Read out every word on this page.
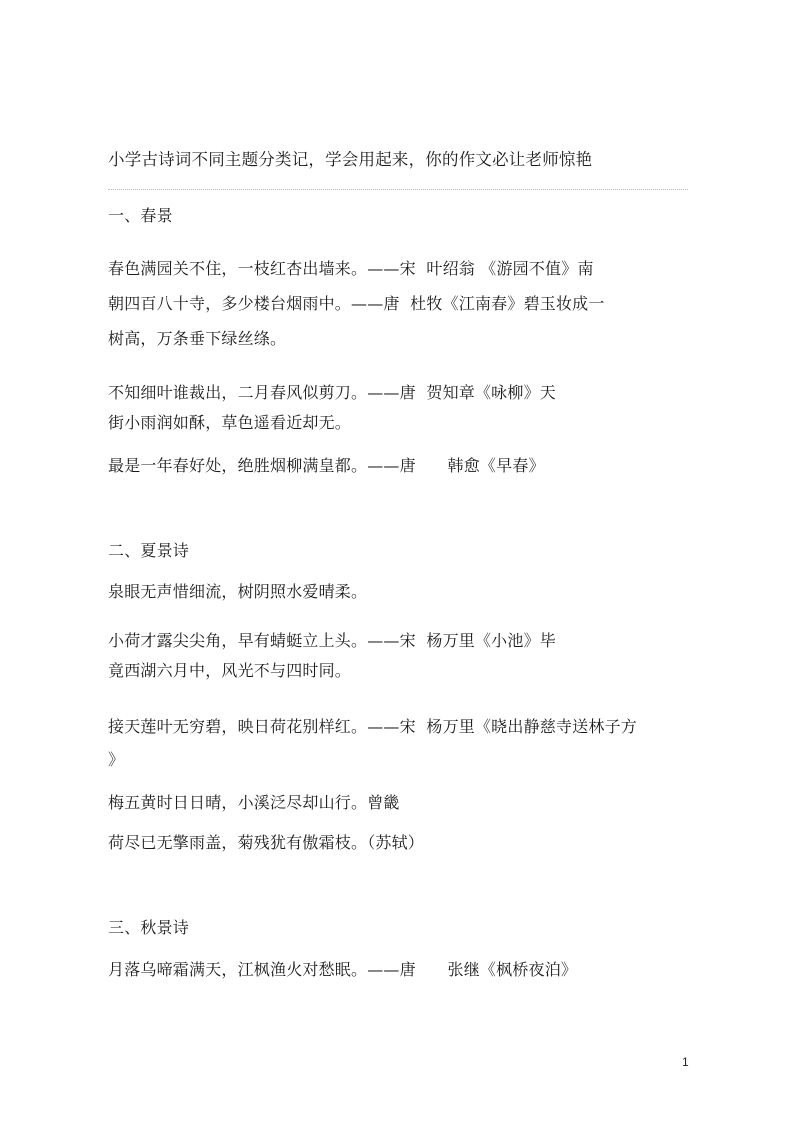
小学古诗词不同主题分类记，学会用起来，你的作文必让老师惊艳
一、春景
春色满园关不住，一枝红杏出墙来。——宋  叶绍翁 《游园不值》南
朝四百八十寺，多少楼台烟雨中。——唐  杜牧《江南春》碧玉妆成一
树高，万条垂下绿丝绦。
不知细叶谁裁出，二月春风似剪刀。——唐  贺知章《咏柳》天
街小雨润如酥，草色遥看近却无。
最是一年春好处，绝胜烟柳满皇都。——唐      韩愈《早春》
二、夏景诗
泉眼无声惜细流，树阴照水爱晴柔。
小荷才露尖尖角，早有蜻蜓立上头。——宋  杨万里《小池》毕
竟西湖六月中，风光不与四时同。
接天莲叶无穷碧，映日荷花别样红。——宋  杨万里《晓出静慈寺送林子方
》
梅五黄时日日晴，小溪泛尽却山行。曾畿
荷尽已无擎雨盖，菊残犹有傲霜枝。（苏轼）
三、秋景诗
月落乌啼霜满天，江枫渔火对愁眠。——唐      张继《枫桥夜泊》
1
